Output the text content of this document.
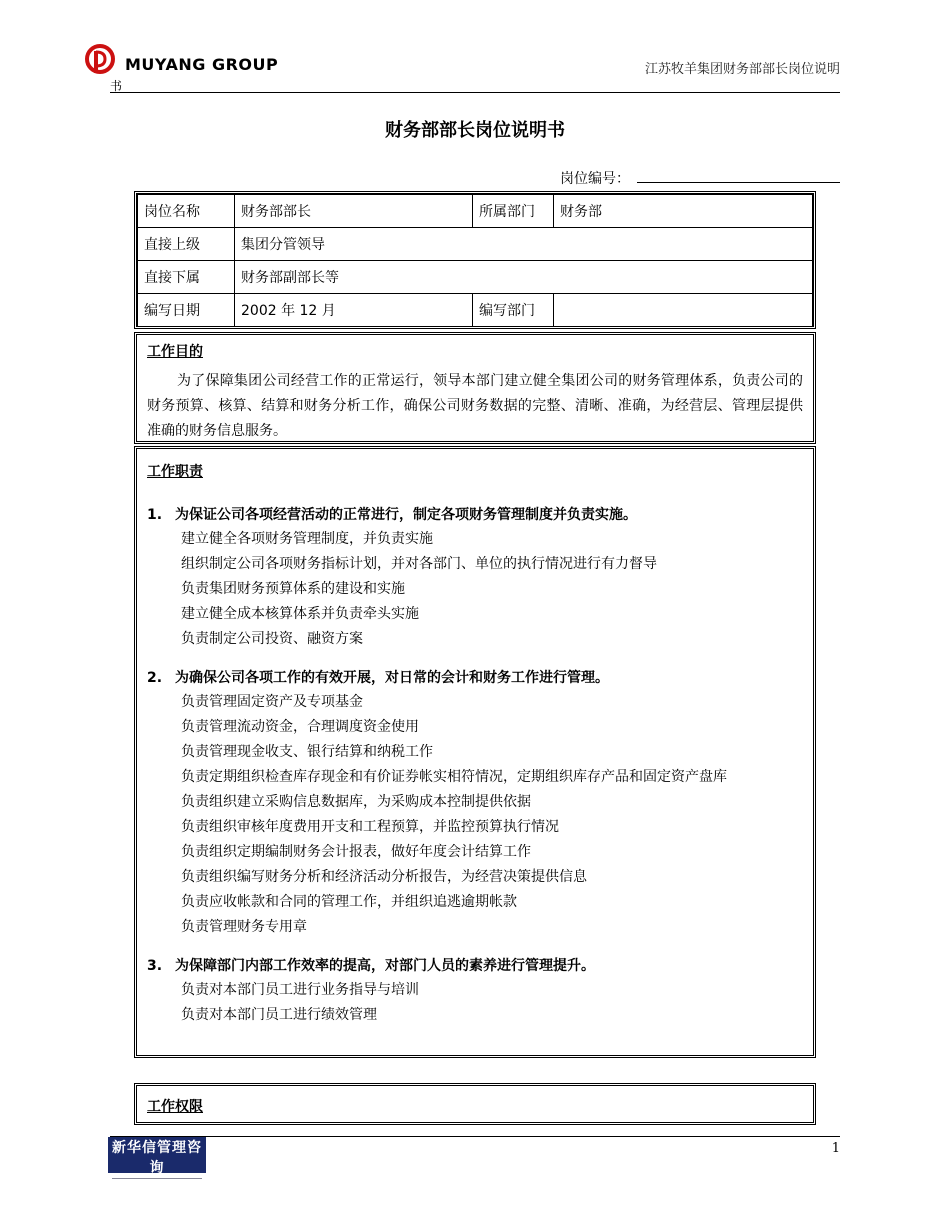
MUYANG GROUP	江苏牧羊集团财务部部长岗位说明
书
财务部部长岗位说明书
岗位编号：
岗位名称	财务部部长	所属部门	财务部
直接上级	集团分管领导		
直接下属	财务部副部长等		
编写日期	2002 年 12 月	编写部门	
工作目的
为了保障集团公司经营工作的正常运行，领导本部门建立健全集团公司的财务管理体系，负责公司的财务预算、核算、结算和财务分析工作，确保公司财务数据的完整、清晰、准确，为经营层、管理层提供准确的财务信息服务。
工作职责
1. 为保证公司各项经营活动的正常进行，制定各项财务管理制度并负责实施。
建立健全各项财务管理制度，并负责实施
组织制定公司各项财务指标计划，并对各部门、单位的执行情况进行有力督导
负责集团财务预算体系的建设和实施
建立健全成本核算体系并负责牵头实施
负责制定公司投资、融资方案
2. 为确保公司各项工作的有效开展，对日常的会计和财务工作进行管理。
负责管理固定资产及专项基金
负责管理流动资金，合理调度资金使用
负责管理现金收支、银行结算和纳税工作
负责定期组织检查库存现金和有价证券帐实相符情况，定期组织库存产品和固定资产盘库
负责组织建立采购信息数据库，为采购成本控制提供依据
负责组织审核年度费用开支和工程预算，并监控预算执行情况
负责组织定期编制财务会计报表，做好年度会计结算工作
负责组织编写财务分析和经济活动分析报告，为经营决策提供信息
负责应收帐款和合同的管理工作，并组织追逃逾期帐款
负责管理财务专用章
3. 为保障部门内部工作效率的提高，对部门人员的素养进行管理提升。
负责对本部门员工进行业务指导与培训
负责对本部门员工进行绩效管理
工作权限
新华信管理咨询
SINOTRUST
1
